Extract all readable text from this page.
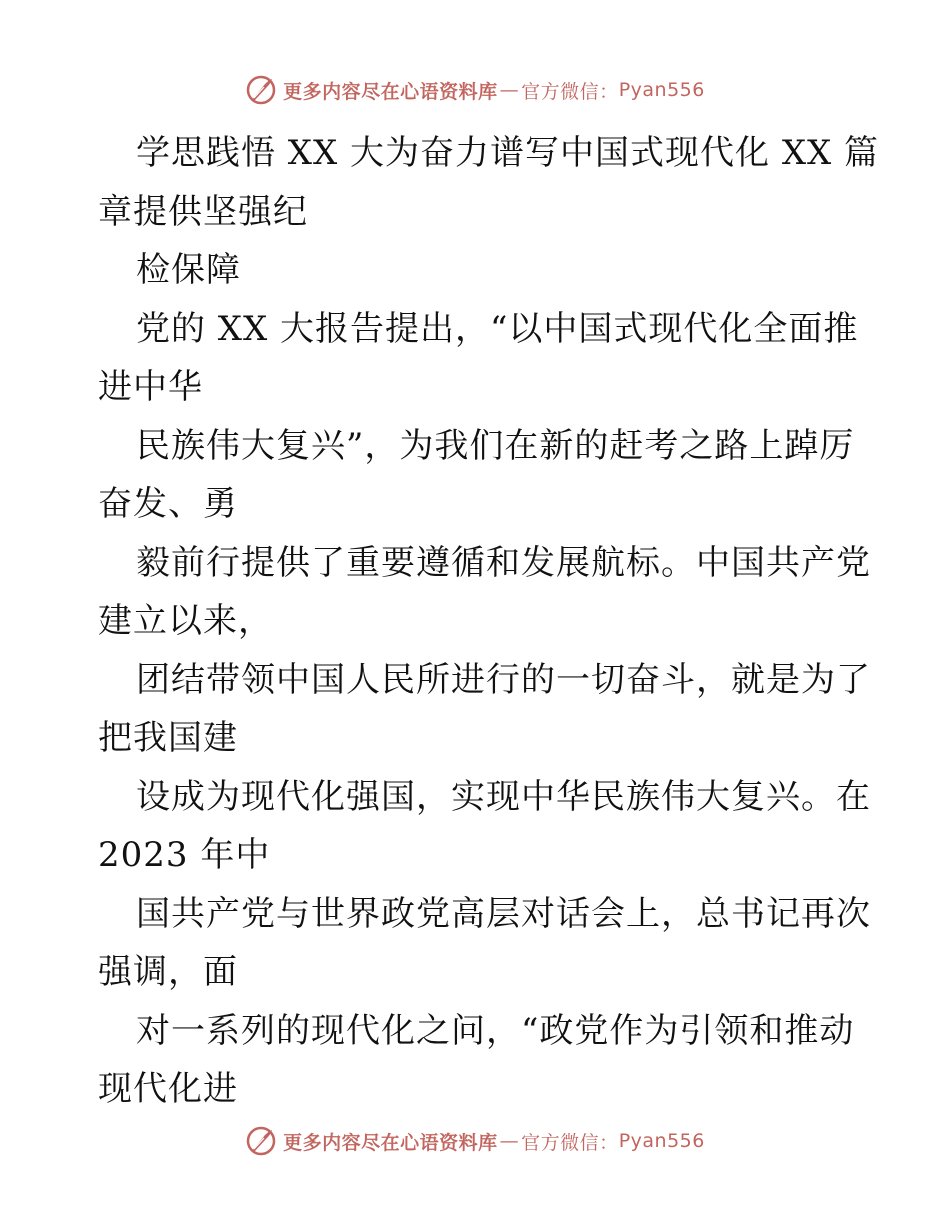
更多内容尽在心语资料库 — 官方微信： Pyan556
学思践悟 XX 大为奋力谱写中国式现代化 XX 篇
章提供坚强纪
检保障
党的 XX 大报告提出，“以中国式现代化全面推
进中华
民族伟大复兴”，为我们在新的赶考之路上踔厉
奋发、勇
毅前行提供了重要遵循和发展航标。中国共产党
建立以来，
团结带领中国人民所进行的一切奋斗，就是为了
把我国建
设成为现代化强国，实现中华民族伟大复兴。在
2023 年中
国共产党与世界政党高层对话会上，总书记再次
强调，面
对一系列的现代化之问，“政党作为引领和推动
现代化进
更多内容尽在心语资料库 — 官方微信： Pyan556
